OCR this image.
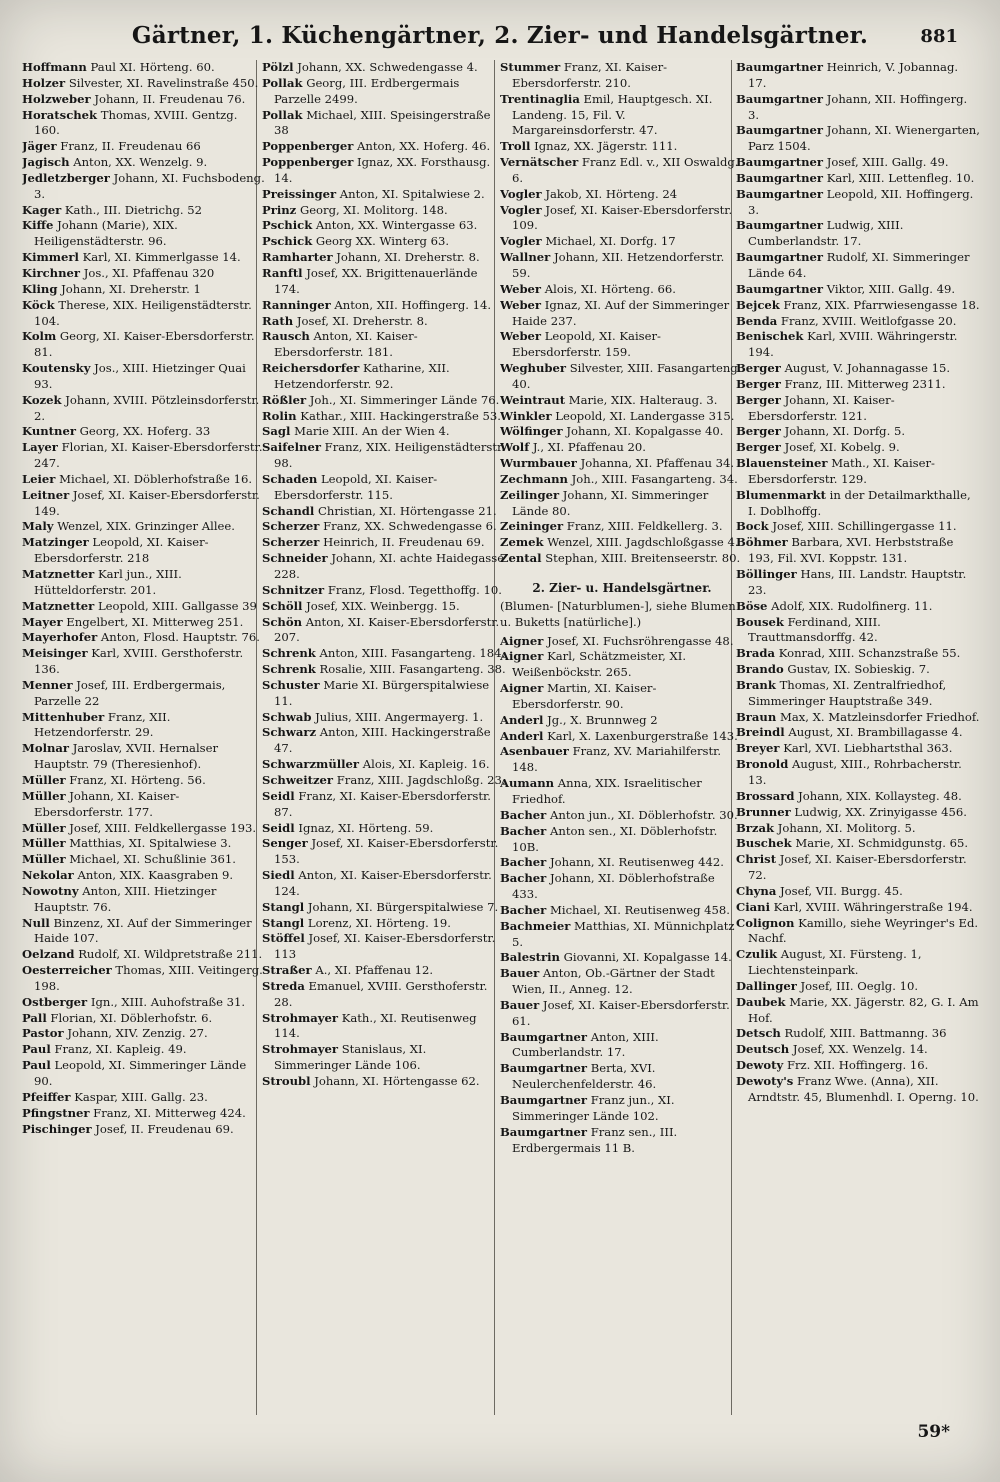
Gärtner, 1. Küchengärtner, 2. Zier- und Handelsgärtner.	881

Hoffmann Paul XI. Hörteng. 60.

Holzer Silvester, XI. Ravelinstraße 450.

Holzweber Johann, II. Freudenau 76.

Horatschek Thomas, XVIII. Gentzg. 160.

Jäger Franz, II. Freudenau 66

Jagisch Anton, XX. Wenzelg. 9.

Jedletzberger Johann, XI. Fuchsbodeng. 3.

Kager Kath., III. Dietrichg. 52

Kiffe Johann (Marie), XIX. Heiligenstädterstr. 96.

Kimmerl Karl, XI. Kimmerlgasse 14.

Kirchner Jos., XI. Pfaffenau 320

Kling Johann, XI. Dreherstr. 1

Köck Therese, XIX. Heiligenstädterstr. 104.

Kolm Georg, XI. Kaiser-Ebersdorferstr. 81.

Koutensky Jos., XIII. Hietzinger Quai 93.

Kozek Johann, XVIII. Pötzleinsdorferstr. 2.

Kuntner Georg, XX. Hoferg. 33

Layer Florian, XI. Kaiser-Ebersdorferstr. 247.

Leier Michael, XI. Döblerhofstraße 16.

Leitner Josef, XI. Kaiser-Ebersdorferstr. 149.

Maly Wenzel, XIX. Grinzinger Allee.

Matzinger Leopold, XI. Kaiser-Ebersdorferstr. 218

Matznetter Karl jun., XIII. Hütteldorferstr. 201.

Matznetter Leopold, XIII. Gallgasse 39

Mayer Engelbert, XI. Mitterweg 251.

Mayerhofer Anton, Flosd. Hauptstr. 76.

Meisinger Karl, XVIII. Gersthoferstr. 136.

Menner Josef, III. Erdbergermais, Parzelle 22

Mittenhuber Franz, XII. Hetzendorferstr. 29.

Molnar Jaroslav, XVII. Hernalser Hauptstr. 79 (Theresienhof).

Müller Franz, XI. Hörteng. 56.

Müller Johann, XI. Kaiser-Ebersdorferstr. 177.

Müller Josef, XIII. Feldkellergasse 193.

Müller Matthias, XI. Spitalwiese 3.

Müller Michael, XI. Schußlinie 361.

Nekolar Anton, XIX. Kaasgraben 9.

Nowotny Anton, XIII. Hietzinger Hauptstr. 76.

Null Binzenz, XI. Auf der Simmeringer Haide 107.

Oelzand Rudolf, XI. Wildpretstraße 211.

Oesterreicher Thomas, XIII. Veitingerg. 198.

Ostberger Ign., XIII. Auhofstraße 31.

Pall Florian, XI. Döblerhofstr. 6.

Pastor Johann, XIV. Zenzig. 27.

Paul Franz, XI. Kapleig. 49.

Paul Leopold, XI. Simmeringer Lände 90.

Pfeiffer Kaspar, XIII. Gallg. 23.

Pfingstner Franz, XI. Mitterweg 424.

Pischinger Josef, II. Freudenau 69.

Pölzl Johann, XX. Schwedengasse 4.

Pollak Georg, III. Erdbergermais Parzelle 2499.

Pollak Michael, XIII. Speisingerstraße 38

Poppenberger Anton, XX. Hoferg. 46.

Poppenberger Ignaz, XX. Forsthausg. 14.

Preissinger Anton, XI. Spitalwiese 2.

Prinz Georg, XI. Molitorg. 148.

Pschick Anton, XX. Wintergasse 63.

Pschick Georg XX. Winterg 63.

Ramharter Johann, XI. Dreherstr. 8.

Ranftl Josef, XX. Brigittenauerlände 174.

Ranninger Anton, XII. Hoffingerg. 14.

Rath Josef, XI. Dreherstr. 8.

Rausch Anton, XI. Kaiser-Ebersdorferstr. 181.

Reichersdorfer Katharine, XII. Hetzendorferstr. 92.

Rößler Joh., XI. Simmeringer Lände 76.

Rolin Kathar., XIII. Hackingerstraße 53.

Sagl Marie XIII. An der Wien 4.

Saifelner Franz, XIX. Heiligenstädterstr. 98.

Schaden Leopold, XI. Kaiser-Ebersdorferstr. 115.

Schandl Christian, XI. Hörtengasse 21.

Scherzer Franz, XX. Schwedengasse 6.

Scherzer Heinrich, II. Freudenau 69.

Schneider Johann, XI. achte Haidegasse 228.

Schnitzer Franz, Flosd. Tegetthoffg. 10.

Schöll Josef, XIX. Weinbergg. 15.

Schön Anton, XI. Kaiser-Ebersdorferstr. 207.

Schrenk Anton, XIII. Fasangarteng. 184.

Schrenk Rosalie, XIII. Fasangarteng. 38.

Schuster Marie XI. Bürgerspitalwiese 11.

Schwab Julius, XIII. Angermayerg. 1.

Schwarz Anton, XIII. Hackingerstraße 47.

Schwarzmüller Alois, XI. Kapleig. 16.

Schweitzer Franz, XIII. Jagdschloßg. 23.

Seidl Franz, XI. Kaiser-Ebersdorferstr. 87.

Seidl Ignaz, XI. Hörteng. 59.

Senger Josef, XI. Kaiser-Ebersdorferstr. 153.

Siedl Anton, XI. Kaiser-Ebersdorferstr. 124.

Stangl Johann, XI. Bürgerspitalwiese 7.

Stangl Lorenz, XI. Hörteng. 19.

Stöffel Josef, XI. Kaiser-Ebersdorferstr. 113

Straßer A., XI. Pfaffenau 12.

Streda Emanuel, XVIII. Gersthoferstr. 28.

Strohmayer Kath., XI. Reutisenweg 114.

Strohmayer Stanislaus, XI. Simmeringer Lände 106.

Stroubl Johann, XI. Hörtengasse 62.

Stummer Franz, XI. Kaiser-Ebersdorferstr. 210.

Trentinaglia Emil, Hauptgesch. XI. Landeng. 15, Fil. V. Margareinsdorferstr. 47.

Troll Ignaz, XX. Jägerstr. 111.

Vernätscher Franz Edl. v., XII Oswaldg. 6.

Vogler Jakob, XI. Hörteng. 24

Vogler Josef, XI. Kaiser-Ebersdorferstr. 109.

Vogler Michael, XI. Dorfg. 17

Wallner Johann, XII. Hetzendorferstr. 59.

Weber Alois, XI. Hörteng. 66.

Weber Ignaz, XI. Auf der Simmeringer Haide 237.

Weber Leopold, XI. Kaiser-Ebersdorferstr. 159.

Weghuber Silvester, XIII. Fasangarteng. 40.

Weintraut Marie, XIX. Halteraug. 3.

Winkler Leopold, XI. Landergasse 315.

Wölfinger Johann, XI. Kopalgasse 40.

Wolf J., XI. Pfaffenau 20.

Wurmbauer Johanna, XI. Pfaffenau 34.

Zechmann Joh., XIII. Fasangarteng. 34.

Zeilinger Johann, XI. Simmeringer Lände 80.

Zeininger Franz, XIII. Feldkellerg. 3.

Zemek Wenzel, XIII. Jagdschloßgasse 4.

Zental Stephan, XIII. Breitenseerstr. 80.

2. Zier- u. Handelsgärtner.

(Blumen- [Naturblumen-], siehe Blumen u. Buketts [natürliche].)

Aigner Josef, XI. Fuchsröhrengasse 48.

Aigner Karl, Schätzmeister, XI. Weißenböckstr. 265.

Aigner Martin, XI. Kaiser-Ebersdorferstr. 90.

Anderl Jg., X. Brunnweg 2

Anderl Karl, X. Laxenburgerstraße 143.

Asenbauer Franz, XV. Mariahilferstr. 148.

Aumann Anna, XIX. Israelitischer Friedhof.

Bacher Anton jun., XI. Döblerhofstr. 30.

Bacher Anton sen., XI. Döblerhofstr. 10B.

Bacher Johann, XI. Reutisenweg 442.

Bacher Johann, XI. Döblerhofstraße 433.

Bacher Michael, XI. Reutisenweg 458.

Bachmeier Matthias, XI. Münnichplatz 5.

Balestrin Giovanni, XI. Kopalgasse 14.

Bauer Anton, Ob.-Gärtner der Stadt Wien, II., Anneg. 12.

Bauer Josef, XI. Kaiser-Ebersdorferstr. 61.

Baumgartner Anton, XIII. Cumberlandstr. 17.

Baumgartner Berta, XVI. Neulerchenfelderstr. 46.

Baumgartner Franz jun., XI. Simmeringer Lände 102.

Baumgartner Franz sen., III. Erdbergermais 11 B.

Baumgartner Heinrich, V. Jobannag. 17.

Baumgartner Johann, XII. Hoffingerg. 3.

Baumgartner Johann, XI. Wienergarten, Parz 1504.

Baumgartner Josef, XIII. Gallg. 49.

Baumgartner Karl, XIII. Lettenfleg. 10.

Baumgartner Leopold, XII. Hoffingerg. 3.

Baumgartner Ludwig, XIII. Cumberlandstr. 17.

Baumgartner Rudolf, XI. Simmeringer Lände 64.

Baumgartner Viktor, XIII. Gallg. 49.

Bejcek Franz, XIX. Pfarrwiesengasse 18.

Benda Franz, XVIII. Weitlofgasse 20.

Benischek Karl, XVIII. Währingerstr. 194.

Berger August, V. Johannagasse 15.

Berger Franz, III. Mitterweg 2311.

Berger Johann, XI. Kaiser-Ebersdorferstr. 121.

Berger Johann, XI. Dorfg. 5.

Berger Josef, XI. Kobelg. 9.

Blauensteiner Math., XI. Kaiser-Ebersdorferstr. 129.

Blumenmarkt in der Detailmarkthalle, I. Doblhoffg.

Bock Josef, XIII. Schillingergasse 11.

Böhmer Barbara, XVI. Herbststraße 193, Fil. XVI. Koppstr. 131.

Böllinger Hans, III. Landstr. Hauptstr. 23.

Böse Adolf, XIX. Rudolfinerg. 11.

Bousek Ferdinand, XIII. Trauttmansdorffg. 42.

Brada Konrad, XIII. Schanzstraße 55.

Brando Gustav, IX. Sobieskig. 7.

Brank Thomas, XI. Zentralfriedhof, Simmeringer Hauptstraße 349.

Braun Max, X. Matzleinsdorfer Friedhof.

Breindl August, XI. Brambillagasse 4.

Breyer Karl, XVI. Liebhartsthal 363.

Bronold August, XIII., Rohrbacherstr. 13.

Brossard Johann, XIX. Kollaysteg. 48.

Brunner Ludwig, XX. Zrinyigasse 456.

Brzak Johann, XI. Molitorg. 5.

Buschek Marie, XI. Schmidgunstg. 65.

Christ Josef, XI. Kaiser-Ebersdorferstr. 72.

Chyna Josef, VII. Burgg. 45.

Ciani Karl, XVIII. Währingerstraße 194.

Colignon Kamillo, siehe Weyringer's Ed. Nachf.

Czulik August, XI. Fürsteng. 1, Liechtensteinpark.

Dallinger Josef, III. Oeglg. 10.

Daubek Marie, XX. Jägerstr. 82, G. I. Am Hof.

Detsch Rudolf, XIII. Battmanng. 36

Deutsch Josef, XX. Wenzelg. 14.

Dewoty Frz. XII. Hoffingerg. 16.

Dewoty's Franz Wwe. (Anna), XII. Arndtstr. 45, Blumenhdl. I. Operng. 10.

59*
